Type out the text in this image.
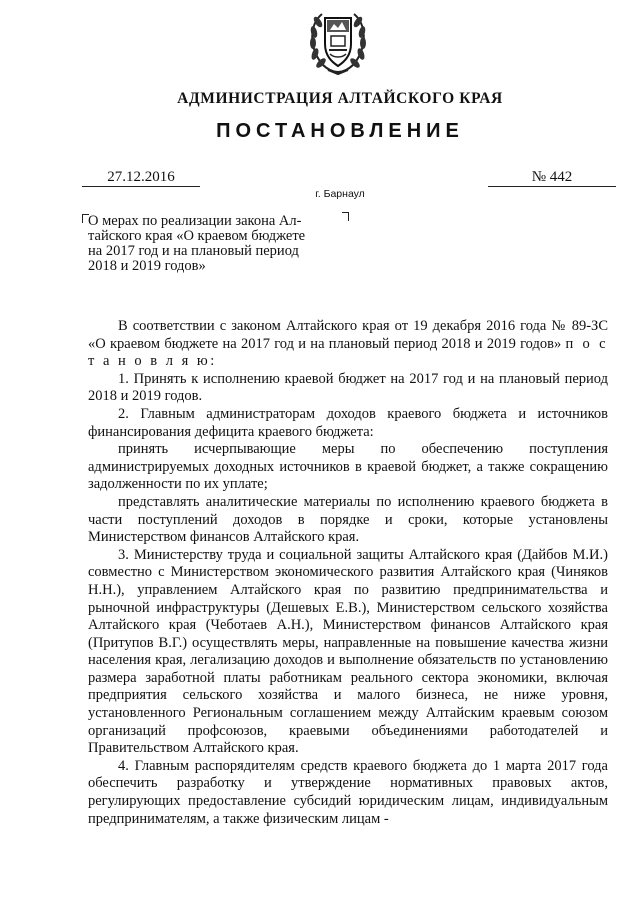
АДМИНИСТРАЦИЯ АЛТАЙСКОГО КРАЯ
ПОСТАНОВЛЕНИЕ
27.12.2016	№ 442
г. Барнаул
О мерах по реализации закона Ал-
тайского края «О краевом бюджете
на 2017 год и на плановый период
2018 и 2019 годов»

В соответствии с законом Алтайского края от 19 декабря 2016 года № 89-ЗС «О краевом бюджете на 2017 год и на плановый период 2018 и 2019 годов» п о с т а н о в л я ю:

1. Принять к исполнению краевой бюджет на 2017 год и на плановый период 2018 и 2019 годов.

2. Главным администраторам доходов краевого бюджета и источников финансирования дефицита краевого бюджета:

принять исчерпывающие меры по обеспечению поступления администрируемых доходных источников в краевой бюджет, а также сокращению задолженности по их уплате;

представлять аналитические материалы по исполнению краевого бюджета в части поступлений доходов в порядке и сроки, которые установлены Министерством финансов Алтайского края.

3. Министерству труда и социальной защиты Алтайского края (Дайбов М.И.) совместно с Министерством экономического развития Алтайского края (Чиняков Н.Н.), управлением Алтайского края по развитию предпринимательства и рыночной инфраструктуры (Дешевых Е.В.), Министерством сельского хозяйства Алтайского края (Чеботаев А.Н.), Министерством финансов Алтайского края (Притупов В.Г.) осуществлять меры, направленные на повышение качества жизни населения края, легализацию доходов и выполнение обязательств по установлению размера заработной платы работникам реального сектора экономики, включая предприятия сельского хозяйства и малого бизнеса, не ниже уровня, установленного Региональным соглашением между Алтайским краевым союзом организаций профсоюзов, краевыми объединениями работодателей и Правительством Алтайского края.

4. Главным распорядителям средств краевого бюджета до 1 марта 2017 года обеспечить разработку и утверждение нормативных правовых актов, регулирующих предоставление субсидий юридическим лицам, индивидуальным предпринимателям, а также физическим лицам -
